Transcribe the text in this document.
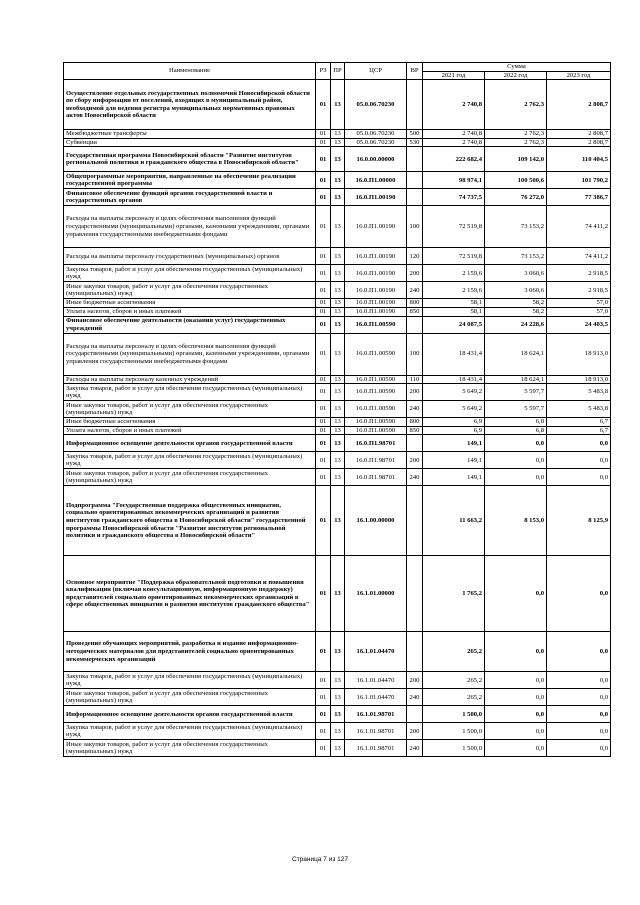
Наименование	РЗ	ПР	ЦСР	ВР	Сумма		
					2021 год	2022 год	2023 год
Осуществление отдельных государственных полномочий Новосибирской области по сбору информации от поселений, входящих в муниципальный район, необходимой для ведения регистра муниципальных нормативных правовых актов Новосибирской области	01	13	05.0.06.70230		2 740,8	2 762,3	2 808,7
Межбюджетные трансферты	01	13	05.0.06.70230	500	2 740,8	2 762,3	2 808,7
Субвенции	01	13	05.0.06.70230	530	2 740,8	2 762,3	2 808,7
Государственная программа Новосибирской области "Развитие институтов региональной политики и гражданского общества в Новосибирской области"	01	13	16.0.00.00000		222 682,4	109 142,0	110 404,5
Общепрограммные мероприятия, направленные на обеспечение реализации государственной программы	01	13	16.0.П1.00000		98 974,1	100 500,6	101 790,2
Финансовое обеспечение функций органов государственной власти и государственных органов	01	13	16.0.П1.00190		74 737,5	76 272,0	77 386,7
Расходы на выплаты персоналу в целях обеспечения выполнения функций государственными (муниципальными) органами, казенными учреждениями, органами управления государственными внебюджетными фондами	01	13	16.0.П1.00190	100	72 519,8	73 153,2	74 411,2
Расходы на выплаты персоналу государственных (муниципальных) органов	01	13	16.0.П1.00190	120	72 519,8	73 153,2	74 411,2
Закупка товаров, работ и услуг для обеспечения государственных (муниципальных) нужд	01	13	16.0.П1.00190	200	2 159,6	3 060,6	2 918,5
Иные закупки товаров, работ и услуг для обеспечения государственных (муниципальных) нужд	01	13	16.0.П1.00190	240	2 159,6	3 060,6	2 918,5
Иные бюджетные ассигнования	01	13	16.0.П1.00190	800	58,1	58,2	57,0
Уплата налогов, сборов и иных платежей	01	13	16.0.П1.00190	850	58,1	58,2	57,0
Финансовое обеспечение деятельности (оказания услуг) государственных учреждений	01	13	16.0.П1.00590		24 087,5	24 228,6	24 403,5
Расходы на выплаты персоналу в целях обеспечения выполнения функций государственными (муниципальными) органами, казенными учреждениями, органами управления государственными внебюджетными фондами	01	13	16.0.П1.00590	100	18 431,4	18 624,1	18 913,0
Расходы на выплаты персоналу казенных учреждений	01	13	16.0.П1.00590	110	18 431,4	18 624,1	18 913,0
Закупка товаров, работ и услуг для обеспечения государственных (муниципальных) нужд	01	13	16.0.П1.00590	200	5 649,2	5 597,7	5 483,8
Иные закупки товаров, работ и услуг для обеспечения государственных (муниципальных) нужд	01	13	16.0.П1.00590	240	5 649,2	5 597,7	5 483,8
Иные бюджетные ассигнования	01	13	16.0.П1.00590	800	6,9	6,8	6,7
Уплата налогов, сборов и иных платежей	01	13	16.0.П1.00590	850	6,9	6,8	6,7
Информационное освещение деятельности органов государственной власти	01	13	16.0.П1.98701		149,1	0,0	0,0
Закупка товаров, работ и услуг для обеспечения государственных (муниципальных) нужд	01	13	16.0.П1.98701	200	149,1	0,0	0,0
Иные закупки товаров, работ и услуг для обеспечения государственных (муниципальных) нужд	01	13	16.0.П1.98701	240	149,1	0,0	0,0
Подпрограмма "Государственная поддержка общественных инициатив, социально ориентированных некоммерческих организаций и развития институтов гражданского общества в Новосибирской области" государственной программы Новосибирской области "Развитие институтов региональной политики и гражданского общества в Новосибирской области"	01	13	16.1.00.00000		11 663,2	8 153,0	8 125,9
Основное мероприятие "Поддержка образовательной подготовки и повышения квалификации (включая консультационную, информационную поддержку) представителей социально ориентированных некоммерческих организаций в сфере общественных инициатив и развития институтов гражданского общества"	01	13	16.1.01.00000		1 765,2	0,0	0,0
Проведение обучающих мероприятий, разработка и издание информационно-методических материалов для представителей социально ориентированных некоммерческих организаций	01	13	16.1.01.04470		265,2	0,0	0,0
Закупка товаров, работ и услуг для обеспечения государственных (муниципальных) нужд	01	13	16.1.01.04470	200	265,2	0,0	0,0
Иные закупки товаров, работ и услуг для обеспечения государственных (муниципальных) нужд	01	13	16.1.01.04470	240	265,2	0,0	0,0
Информационное освещение деятельности органов государственной власти	01	13	16.1.01.98701		1 500,0	0,0	0,0
Закупка товаров, работ и услуг для обеспечения государственных (муниципальных) нужд	01	13	16.1.01.98701	200	1 500,0	0,0	0,0
Иные закупки товаров, работ и услуг для обеспечения государственных (муниципальных) нужд	01	13	16.1.01.98701	240	1 500,0	0,0	0,0
Страница 7 из 127
